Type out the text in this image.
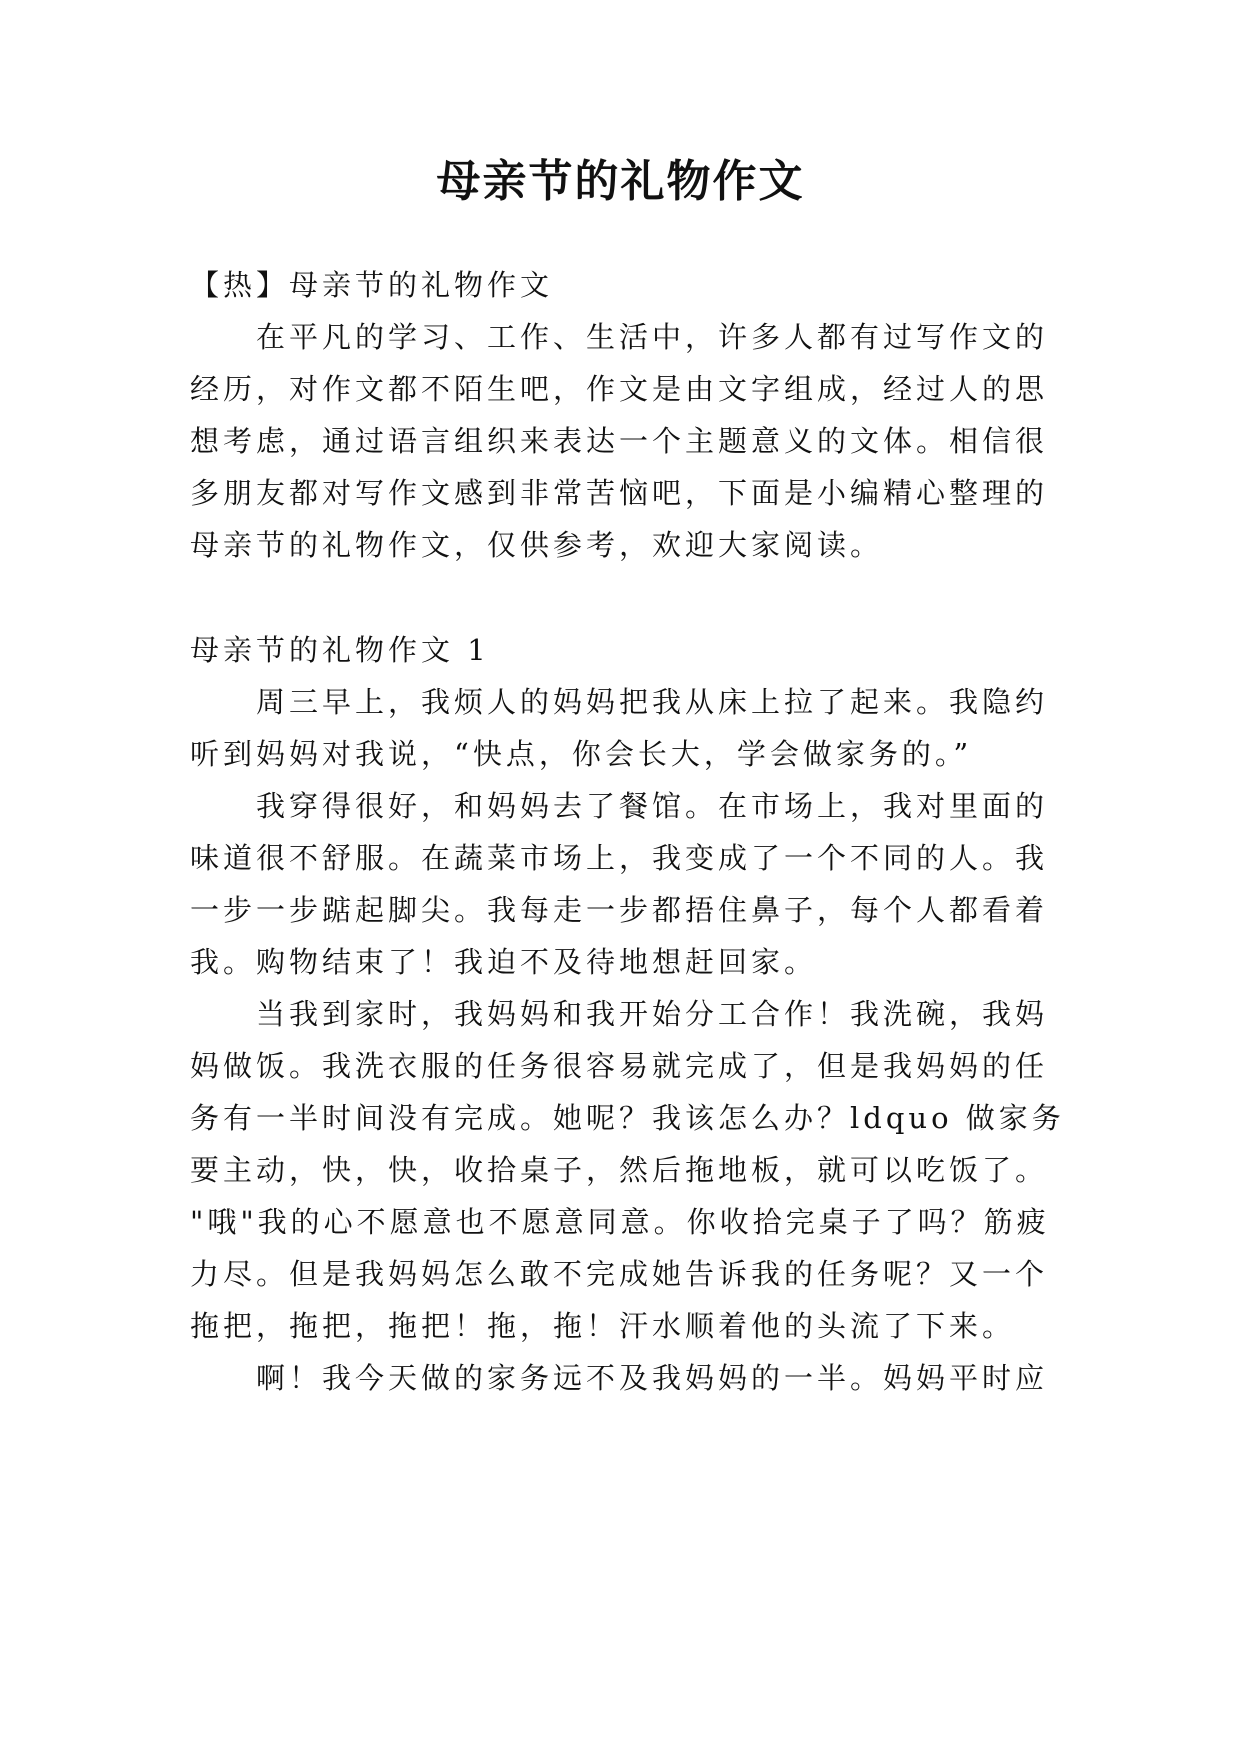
母亲节的礼物作文
【热】母亲节的礼物作文
在平凡的学习、工作、生活中，许多人都有过写作文的
经历，对作文都不陌生吧，作文是由文字组成，经过人的思
想考虑，通过语言组织来表达一个主题意义的文体。相信很
多朋友都对写作文感到非常苦恼吧，下面是小编精心整理的
母亲节的礼物作文，仅供参考，欢迎大家阅读。
母亲节的礼物作文 1
周三早上，我烦人的妈妈把我从床上拉了起来。我隐约
听到妈妈对我说，“快点，你会长大，学会做家务的。”
我穿得很好，和妈妈去了餐馆。在市场上，我对里面的
味道很不舒服。在蔬菜市场上，我变成了一个不同的人。我
一步一步踮起脚尖。我每走一步都捂住鼻子，每个人都看着
我。购物结束了！我迫不及待地想赶回家。
当我到家时，我妈妈和我开始分工合作！我洗碗，我妈
妈做饭。我洗衣服的任务很容易就完成了，但是我妈妈的任
务有一半时间没有完成。她呢？我该怎么办？ldquo 做家务
要主动，快，快，收拾桌子，然后拖地板，就可以吃饭了。
"哦"我的心不愿意也不愿意同意。你收拾完桌子了吗？筋疲
力尽。但是我妈妈怎么敢不完成她告诉我的任务呢？又一个
拖把，拖把，拖把！拖，拖！汗水顺着他的头流了下来。
啊！我今天做的家务远不及我妈妈的一半。妈妈平时应
